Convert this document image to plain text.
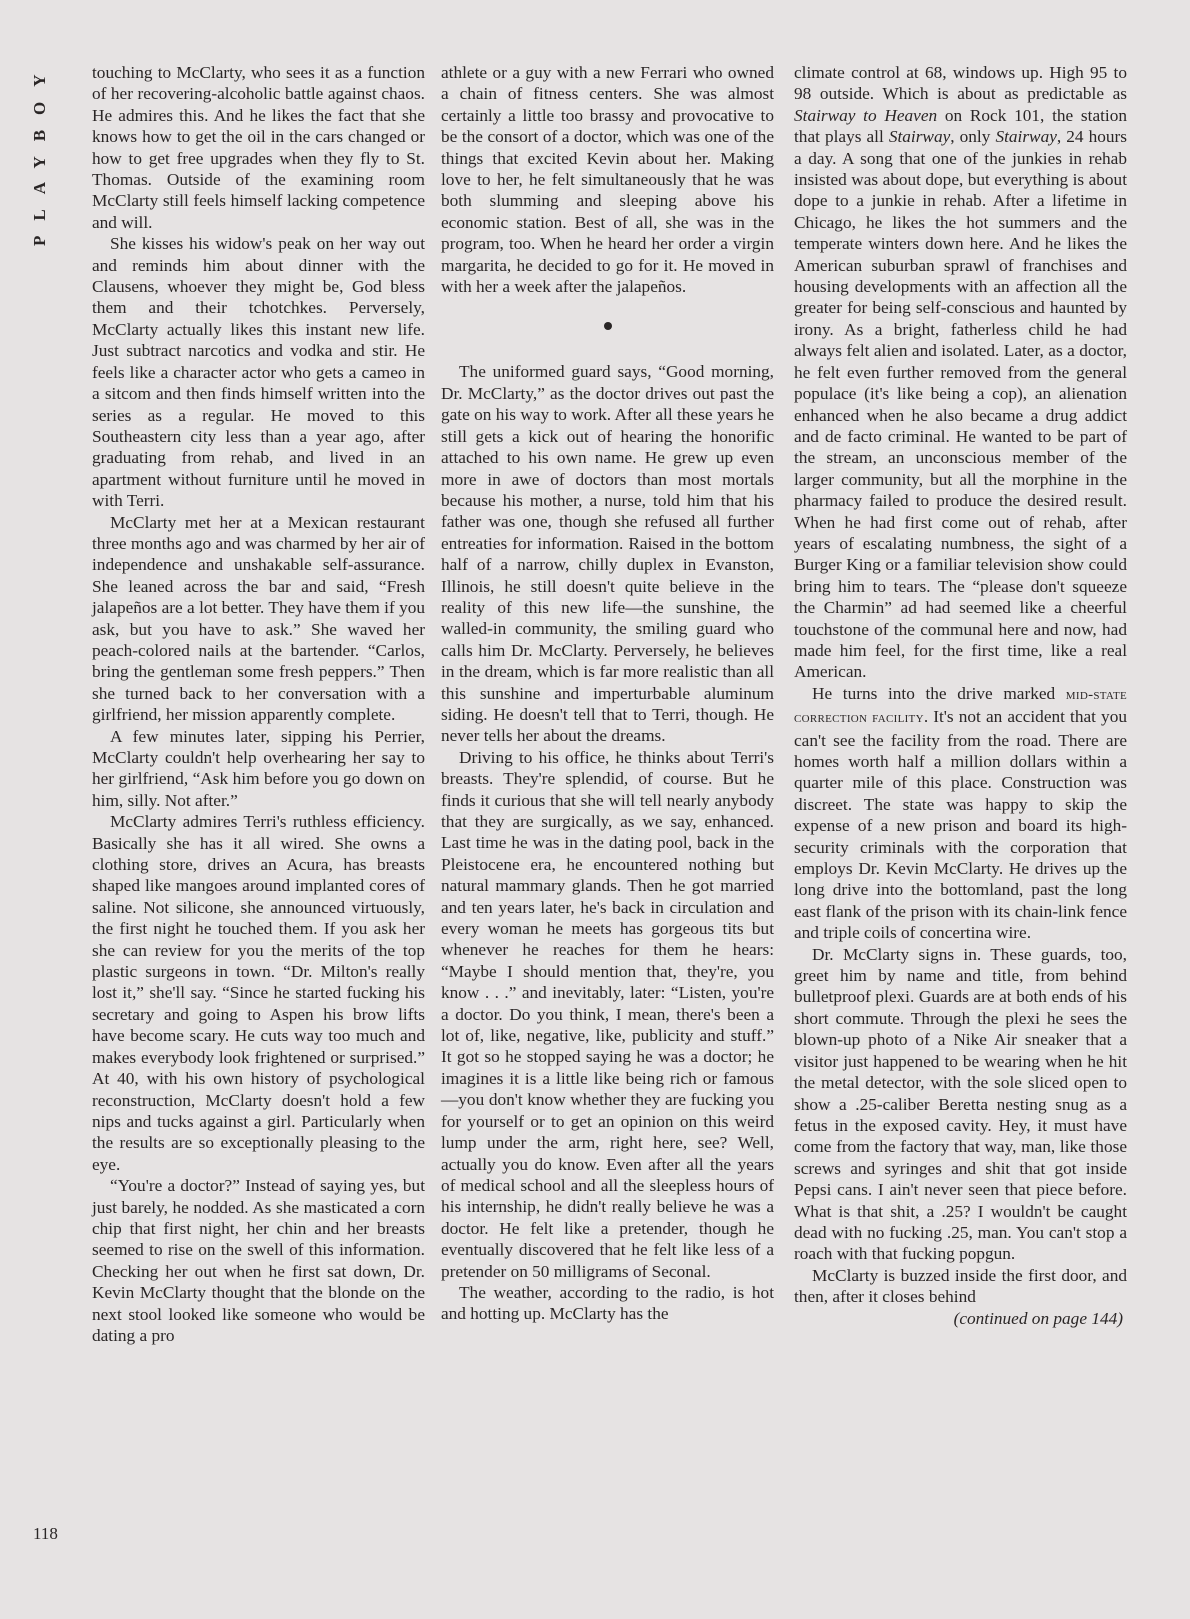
PLAYBOY touching to McClarty, who sees it as a function of her recovering-alcoholic battle against chaos. He admires this. And he likes the fact that she knows how to get the oil in the cars changed or how to get free upgrades when they fly to St. Thomas. Outside of the examining room McClarty still feels himself lacking competence and will.

She kisses his widow's peak on her way out and reminds him about dinner with the Clausens, whoever they might be, God bless them and their tchotchkes. Perversely, McClarty actually likes this instant new life. Just subtract narcotics and vodka and stir. He feels like a character actor who gets a cameo in a sitcom and then finds himself written into the series as a regular. He moved to this Southeastern city less than a year ago, after graduating from rehab, and lived in an apartment without furniture until he moved in with Terri.

McClarty met her at a Mexican restaurant three months ago and was charmed by her air of independence and unshakable self-assurance. She leaned across the bar and said, “Fresh jalapeños are a lot better. They have them if you ask, but you have to ask.” She waved her peach-colored nails at the bartender. “Carlos, bring the gentleman some fresh peppers.” Then she turned back to her conversation with a girlfriend, her mission apparently complete.

A few minutes later, sipping his Perrier, McClarty couldn't help overhearing her say to her girlfriend, “Ask him before you go down on him, silly. Not after.”

McClarty admires Terri's ruthless efficiency. Basically she has it all wired. She owns a clothing store, drives an Acura, has breasts shaped like mangoes around implanted cores of saline. Not silicone, she announced virtuously, the first night he touched them. If you ask her she can review for you the merits of the top plastic surgeons in town. “Dr. Milton's really lost it,” she'll say. “Since he started fucking his secretary and going to Aspen his brow lifts have become scary. He cuts way too much and makes everybody look frightened or surprised.” At 40, with his own history of psychological reconstruction, McClarty doesn't hold a few nips and tucks against a girl. Particularly when the results are so exceptionally pleasing to the eye.

“You're a doctor?” Instead of saying yes, but just barely, he nodded. As she masticated a corn chip that first night, her chin and her breasts seemed to rise on the swell of this information. Checking her out when he first sat down, Dr. Kevin McClarty thought that the blonde on the next stool looked like someone who would be dating a pro

athlete or a guy with a new Ferrari who owned a chain of fitness centers. She was almost certainly a little too brassy and provocative to be the consort of a doctor, which was one of the things that excited Kevin about her. Making love to her, he felt simultaneously that he was both slumming and sleeping above his economic station. Best of all, she was in the program, too. When he heard her order a virgin margarita, he decided to go for it. He moved in with her a week after the jalapeños.

The uniformed guard says, “Good morning, Dr. McClarty,” as the doctor drives out past the gate on his way to work. After all these years he still gets a kick out of hearing the honorific attached to his own name. He grew up even more in awe of doctors than most mortals because his mother, a nurse, told him that his father was one, though she refused all further entreaties for information. Raised in the bottom half of a narrow, chilly duplex in Evanston, Illinois, he still doesn't quite believe in the reality of this new life—the sunshine, the walled-in community, the smiling guard who calls him Dr. McClarty. Perversely, he believes in the dream, which is far more realistic than all this sunshine and imperturbable aluminum siding. He doesn't tell that to Terri, though. He never tells her about the dreams.

Driving to his office, he thinks about Terri's breasts. They're splendid, of course. But he finds it curious that she will tell nearly anybody that they are surgically, as we say, enhanced. Last time he was in the dating pool, back in the Pleistocene era, he encountered nothing but natural mammary glands. Then he got married and ten years later, he's back in circulation and every woman he meets has gorgeous tits but whenever he reaches for them he hears: “Maybe I should mention that, they're, you know . . .” and inevitably, later: “Listen, you're a doctor. Do you think, I mean, there's been a lot of, like, negative, like, publicity and stuff.” It got so he stopped saying he was a doctor; he imagines it is a little like being rich or famous—you don't know whether they are fucking you for yourself or to get an opinion on this weird lump under the arm, right here, see? Well, actually you do know. Even after all the years of medical school and all the sleepless hours of his internship, he didn't really believe he was a doctor. He felt like a pretender, though he eventually discovered that he felt like less of a pretender on 50 milligrams of Seconal.

The weather, according to the radio, is hot and hotting up. McClarty has the

climate control at 68, windows up. High 95 to 98 outside. Which is about as predictable as Stairway to Heaven on Rock 101, the station that plays all Stairway, only Stairway, 24 hours a day. A song that one of the junkies in rehab insisted was about dope, but everything is about dope to a junkie in rehab. After a lifetime in Chicago, he likes the hot summers and the temperate winters down here. And he likes the American suburban sprawl of franchises and housing developments with an affection all the greater for being self-conscious and haunted by irony. As a bright, fatherless child he had always felt alien and isolated. Later, as a doctor, he felt even further removed from the general populace (it's like being a cop), an alienation enhanced when he also became a drug addict and de facto criminal. He wanted to be part of the stream, an unconscious member of the larger community, but all the morphine in the pharmacy failed to produce the desired result. When he had first come out of rehab, after years of escalating numbness, the sight of a Burger King or a familiar television show could bring him to tears. The “please don't squeeze the Charmin” ad had seemed like a cheerful touchstone of the communal here and now, had made him feel, for the first time, like a real American.

He turns into the drive marked mid-state correction facility. It's not an accident that you can't see the facility from the road. There are homes worth half a million dollars within a quarter mile of this place. Construction was discreet. The state was happy to skip the expense of a new prison and board its high-security criminals with the corporation that employs Dr. Kevin McClarty. He drives up the long drive into the bottomland, past the long east flank of the prison with its chain-link fence and triple coils of concertina wire.

Dr. McClarty signs in. These guards, too, greet him by name and title, from behind bulletproof plexi. Guards are at both ends of his short commute. Through the plexi he sees the blown-up photo of a Nike Air sneaker that a visitor just happened to be wearing when he hit the metal detector, with the sole sliced open to show a .25-caliber Beretta nesting snug as a fetus in the exposed cavity. Hey, it must have come from the factory that way, man, like those screws and syringes and shit that got inside Pepsi cans. I ain't never seen that piece before. What is that shit, a .25? I wouldn't be caught dead with no fucking .25, man. You can't stop a roach with that fucking popgun.

McClarty is buzzed inside the first door, and then, after it closes behind

(continued on page 144)
118
